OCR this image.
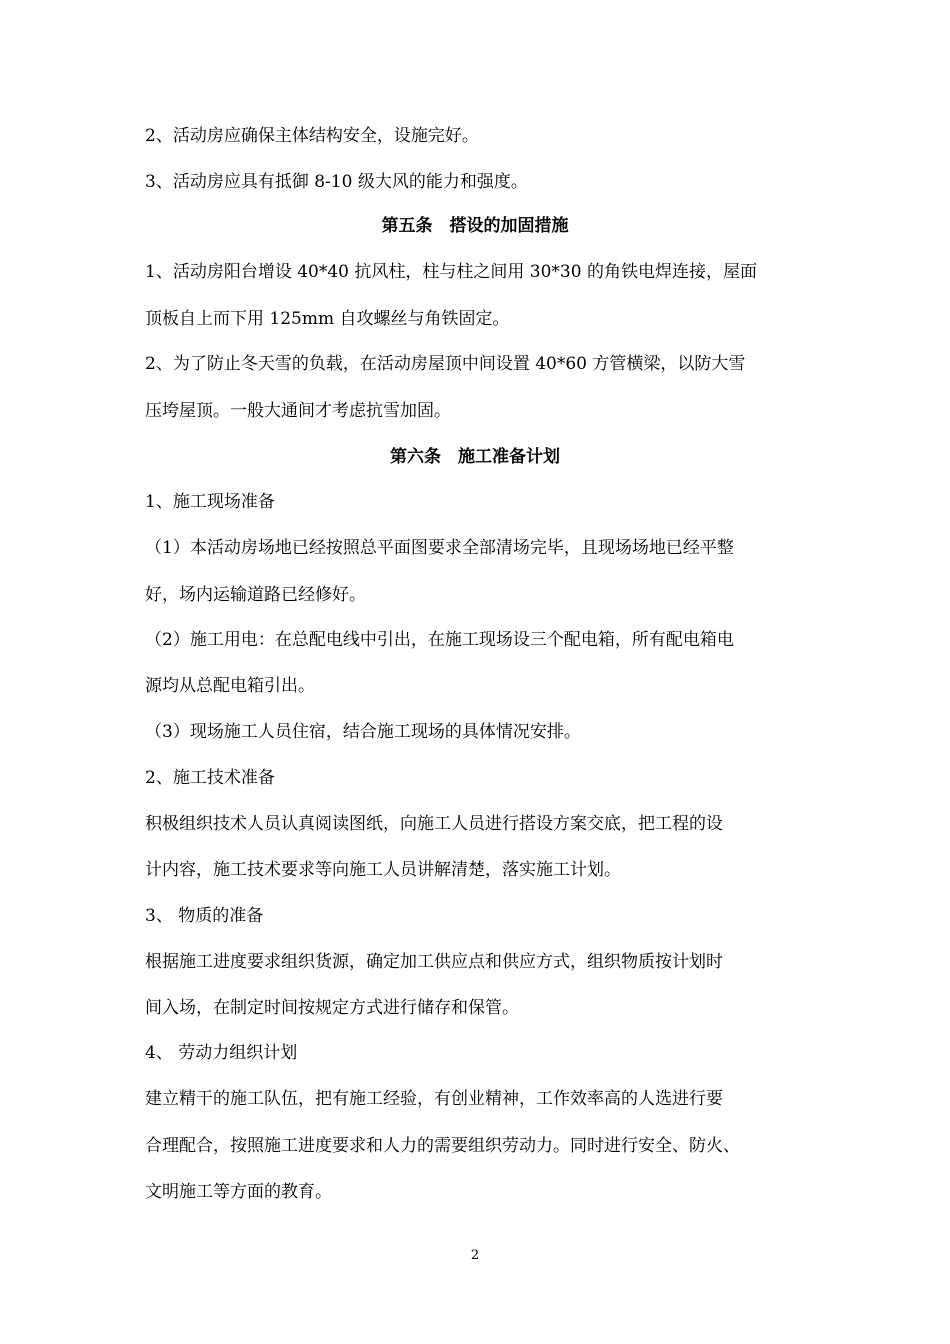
2、活动房应确保主体结构安全，设施完好。

3、活动房应具有抵御 8-10 级大风的能力和强度。

第五条　搭设的加固措施

1、活动房阳台增设 40*40 抗风柱，柱与柱之间用 30*30 的角铁电焊连接，屋面

顶板自上而下用 125mm 自攻螺丝与角铁固定。

2、为了防止冬天雪的负载，在活动房屋顶中间设置 40*60 方管横梁，以防大雪

压垮屋顶。一般大通间才考虑抗雪加固。

第六条　施工准备计划

1、施工现场准备

（1）本活动房场地已经按照总平面图要求全部清场完毕，且现场场地已经平整

好，场内运输道路已经修好。

（2）施工用电：在总配电线中引出，在施工现场设三个配电箱，所有配电箱电

源均从总配电箱引出。

（3）现场施工人员住宿，结合施工现场的具体情况安排。

2、施工技术准备

积极组织技术人员认真阅读图纸，向施工人员进行搭设方案交底，把工程的设

计内容，施工技术要求等向施工人员讲解清楚，落实施工计划。

3、 物质的准备

根据施工进度要求组织货源，确定加工供应点和供应方式，组织物质按计划时

间入场，在制定时间按规定方式进行储存和保管。

4、 劳动力组织计划

建立精干的施工队伍，把有施工经验，有创业精神，工作效率高的人选进行要

合理配合，按照施工进度要求和人力的需要组织劳动力。同时进行安全、防火、

文明施工等方面的教育。

2
